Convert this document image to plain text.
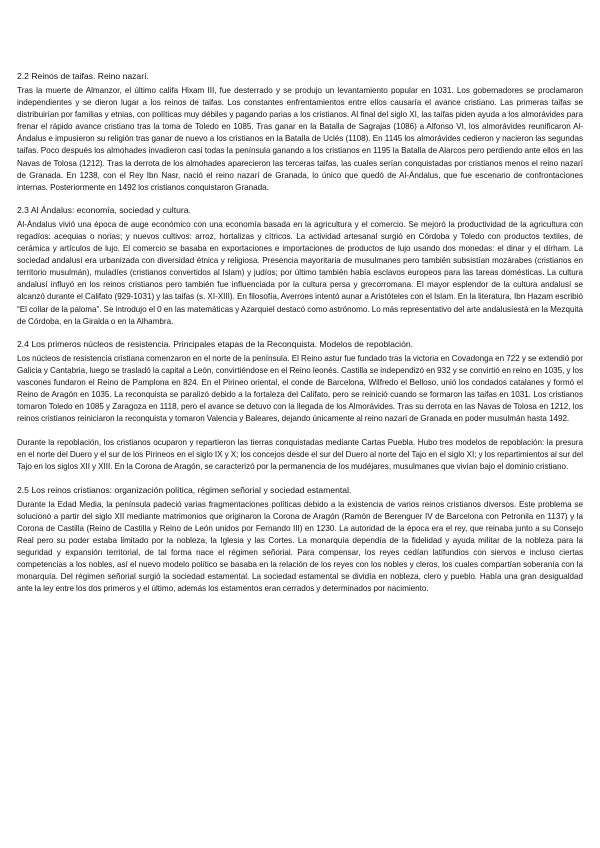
2.2 Reinos de taifas. Reino nazarí.

Tras la muerte de Almanzor, el último califa Hixam III, fue desterrado y se produjo un levantamiento popular en 1031. Los gobernadores se proclamaron independientes y se dieron lugar a los reinos de taifas. Los constantes enfrentamientos entre ellos causaría el avance cristiano. Las primeras taifas se distribuirían por familias y etnias, con políticas muy débiles y pagando parias a los cristianos. Al final del siglo XI, las taifas piden ayuda a los almorávides para frenar el rápido avance cristiano tras la toma de Toledo en 1085. Tras ganar en la Batalla de Sagrajas (1086) a Alfonso VI, los almorávides reunificaron Al-Ándalus e impusieron su religión tras ganar de nuevo a los cristianos en la Batalla de Uclés (1108). En 1145 los almorávides cedieron y nacieron las segundas taifas. Poco después los almohades invadieron casi todas la península ganando a los cristianos en 1195 la Batalla de Alarcos pero perdiendo ante ellos en las Navas de Tolosa (1212). Tras la derrota de los almohades aparecieron las terceras taifas, las cuales serían conquistadas por cristianos menos el reino nazarí de Granada. En 1238, con el Rey Ibn Nasr, nació el reino nazarí de Granada, lo único que quedó de Al-Ándalus, que fue escenario de confrontaciones internas. Posteriormente en 1492 los cristianos conquistaron Granada.

2.3 Al Ándalus: economía, sociedad y cultura.

Al-Ándalus vivió una época de auge económico con una economía basada en la agricultura y el comercio. Se mejoró la productividad de la agricultura con regadíos: acequias o norias; y nuevos cultivos: arroz, hortalizas y cítricos. La actividad artesanal surgió en Córdoba y Toledo con productos textiles, de cerámica y artículos de lujo. El comercio se basaba en exportaciones e importaciones de productos de lujo usando dos monedas: el dinar y el dírham. La sociedad andalusí era urbanizada con diversidad étnica y religiosa. Presencia mayoritaria de musulmanes pero también subsistían mozárabes (cristianos en territorio musulmán), muladíes (cristianos convertidos al Islam) y judíos; por último también había esclavos europeos para las tareas domésticas. La cultura andalusí influyó en los reinos cristianos pero también fue influenciada por la cultura persa y grecorromana. El mayor esplendor de la cultura andalusí se alcanzó durante el Califato (929-1031) y las taifas (s. XI-XIII). En filosofía, Averroes intentó aunar a Aristóteles con el Islam. En la literatura, Ibn Hazam escribió “El collar de la paloma”. Se introdujo el 0 en las matemáticas y Azarquiel destacó como astrónomo. Lo más representativo del arte andalusíestá en la Mezquita de Córdoba, en la Giralda o en la Alhambra.

2.4 Los primeros núcleos de resistencia. Principales etapas de la Reconquista. Modelos de repoblación.

Los núcleos de resistencia cristiana comenzaron en el norte de la península. El Reino astur fue fundado tras la victoria en Covadonga en 722 y se extendió por Galicia y Cantabria, luego se trasladó la capital a León, convirtiéndose en el Reino leonés. Castilla se independizó en 932 y se convirtió en reino en 1035, y los vascones fundaron el Reino de Pamplona en 824. En el Pirineo oriental, el conde de Barcelona, Wilfredo el Belloso, unió los condados catalanes y formó el Reino de Aragón en 1035. La reconquista se paralizó debido a la fortaleza del Califato, pero se reinició cuando se formaron las taifas en 1031. Los cristianos tomaron Toledo en 1085 y Zaragoza en 1118, pero el avance se detuvo con la llegada de los Almorávides. Tras su derrota en las Navas de Tolosa en 1212, los reinos cristianos reiniciaron la reconquista y tomaron Valencia y Baleares, dejando únicamente al reino nazarí de Granada en poder musulmán hasta 1492.

Durante la repoblación, los cristianos ocuparon y repartieron las tierras conquistadas mediante Cartas Puebla. Hubo tres modelos de repoblación: la presura en el norte del Duero y el sur de los Pirineos en el siglo IX y X; los concejos desde el sur del Duero al norte del Tajo en el siglo XI; y los repartimientos al sur del Tajo en los siglos XII y XIII. En la Corona de Aragón, se caracterizó por la permanencia de los mudéjares, musulmanes que vivían bajo el dominio cristiano.

2.5 Los reinos cristianos: organización política, régimen señorial y sociedad estamental.

Durante la Edad Media, la península padeció varias fragmentaciones políticas debido a la existencia de varios reinos cristianos diversos. Este problema se solucionó a partir del siglo XII mediante matrimonios que originaron la Corona de Aragón (Ramón de Berenguer IV de Barcelona con Petronila en 1137) y la Corona de Castilla (Reino de Castilla y Reino de León unidos por Fernando III) en 1230. La autoridad de la época era el rey, que reinaba junto a su Consejo Real pero su poder estaba limitado por la nobleza, la Iglesia y las Cortes. La monarquía dependía de la fidelidad y ayuda militar de la nobleza para la seguridad y expansión territorial, de tal forma nace el régimen señorial. Para compensar, los reyes cedían latifundios con siervos e incluso ciertas competencias a los nobles, así el nuevo modelo político se basaba en la relación de los reyes con los nobles y cleros, los cuales compartían soberanía con la monarquía. Del régimen señorial surgió la sociedad estamental. La sociedad estamental se dividía en nobleza, clero y pueblo. Había una gran desigualdad ante la ley entre los dos primeros y el último, además los estamentos eran cerrados y determinados por nacimiento.
